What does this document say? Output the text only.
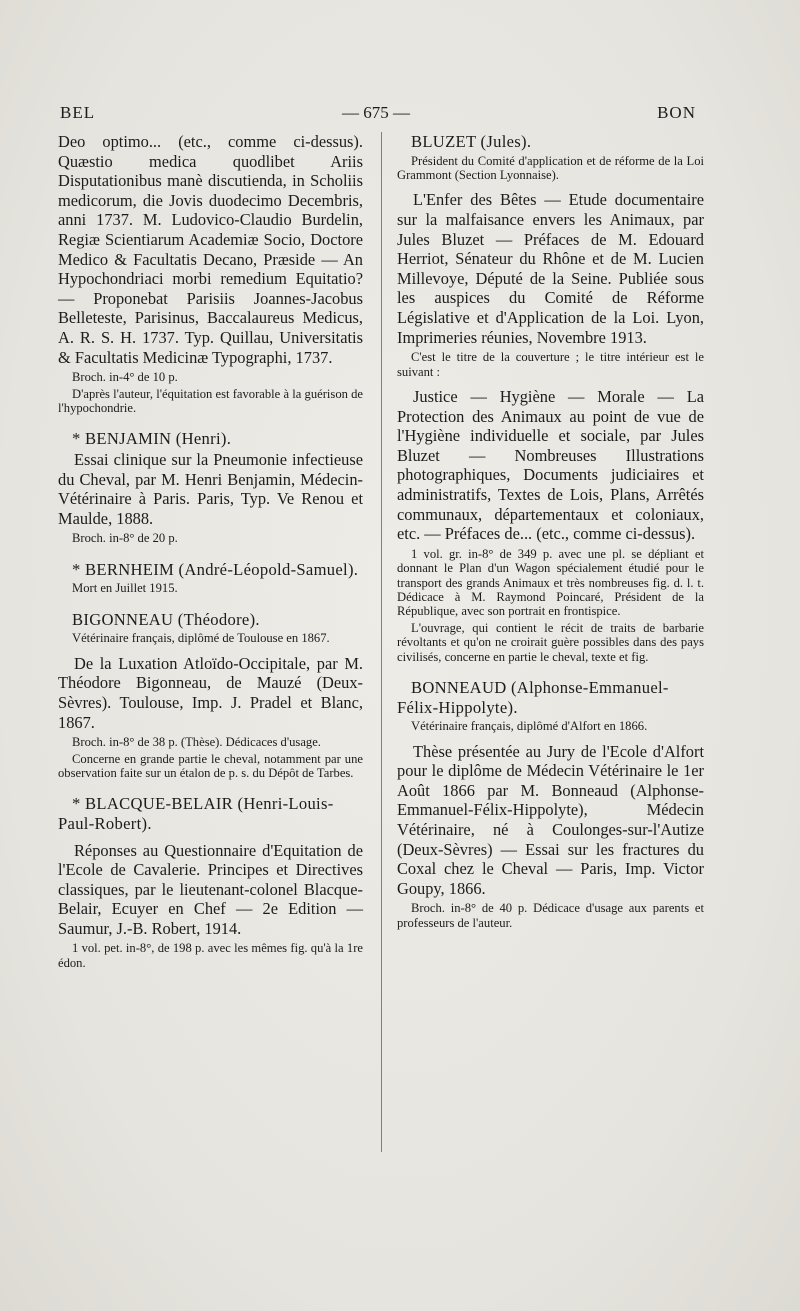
BEL	— 675 —	BON

Deo optimo... (etc., comme ci-dessus). Quæstio medica quodlibet Ariis Disputationibus manè discutienda, in Scholiis medicorum, die Jovis duodecimo Decembris, anni 1737. M. Ludovico-Claudio Burdelin, Regiæ Scientiarum Academiæ Socio, Doctore Medico & Facultatis Decano, Præside — An Hypochondriaci morbi remedium Equitatio? — Proponebat Parisiis Joannes-Jacobus Belleteste, Parisinus, Baccalaureus Medicus, A. R. S. H. 1737. Typ. Quillau, Universitatis & Facultatis Medicinæ Typographi, 1737.

Broch. in-4° de 10 p.

D'après l'auteur, l'équitation est favorable à la guérison de l'hypochondrie.

* BENJAMIN (Henri).

Essai clinique sur la Pneumonie infectieuse du Cheval, par M. Henri Benjamin, Médecin-Vétérinaire à Paris. Paris, Typ. Ve Renou et Maulde, 1888.

Broch. in-8° de 20 p.

* BERNHEIM (André-Léopold-Samuel).

Mort en Juillet 1915.

BIGONNEAU (Théodore).

Vétérinaire français, diplômé de Toulouse en 1867.

De la Luxation Atloïdo-Occipitale, par M. Théodore Bigonneau, de Mauzé (Deux-Sèvres). Toulouse, Imp. J. Pradel et Blanc, 1867.

Broch. in-8° de 38 p. (Thèse). Dédicaces d'usage.

Concerne en grande partie le cheval, notamment par une observation faite sur un étalon de p. s. du Dépôt de Tarbes.

* BLACQUE-BELAIR (Henri-Louis-Paul-Robert).

Réponses au Questionnaire d'Equitation de l'Ecole de Cavalerie. Principes et Directives classiques, par le lieutenant-colonel Blacque-Belair, Ecuyer en Chef — 2e Edition — Saumur, J.-B. Robert, 1914.

1 vol. pet. in-8°, de 198 p. avec les mêmes fig. qu'à la 1re édon.

BLUZET (Jules).

Président du Comité d'application et de réforme de la Loi Grammont (Section Lyonnaise).

L'Enfer des Bêtes — Etude documentaire sur la malfaisance envers les Animaux, par Jules Bluzet — Préfaces de M. Edouard Herriot, Sénateur du Rhône et de M. Lucien Millevoye, Député de la Seine. Publiée sous les auspices du Comité de Réforme Législative et d'Application de la Loi. Lyon, Imprimeries réunies, Novembre 1913.

C'est le titre de la couverture ; le titre intérieur est le suivant :

Justice — Hygiène — Morale — La Protection des Animaux au point de vue de l'Hygiène individuelle et sociale, par Jules Bluzet — Nombreuses Illustrations photographiques, Documents judiciaires et administratifs, Textes de Lois, Plans, Arrêtés communaux, départementaux et coloniaux, etc. — Préfaces de... (etc., comme ci-dessus).

1 vol. gr. in-8° de 349 p. avec une pl. se dépliant et donnant le Plan d'un Wagon spécialement étudié pour le transport des grands Animaux et très nombreuses fig. d. l. t. Dédicace à M. Raymond Poincaré, Président de la République, avec son portrait en frontispice.

L'ouvrage, qui contient le récit de traits de barbarie révoltants et qu'on ne croirait guère possibles dans des pays civilisés, concerne en partie le cheval, texte et fig.

BONNEAUD (Alphonse-Emmanuel-Félix-Hippolyte).

Vétérinaire français, diplômé d'Alfort en 1866.

Thèse présentée au Jury de l'Ecole d'Alfort pour le diplôme de Médecin Vétérinaire le 1er Août 1866 par M. Bonneaud (Alphonse-Emmanuel-Félix-Hippolyte), Médecin Vétérinaire, né à Coulonges-sur-l'Autize (Deux-Sèvres) — Essai sur les fractures du Coxal chez le Cheval — Paris, Imp. Victor Goupy, 1866.

Broch. in-8° de 40 p. Dédicace d'usage aux parents et professeurs de l'auteur.
